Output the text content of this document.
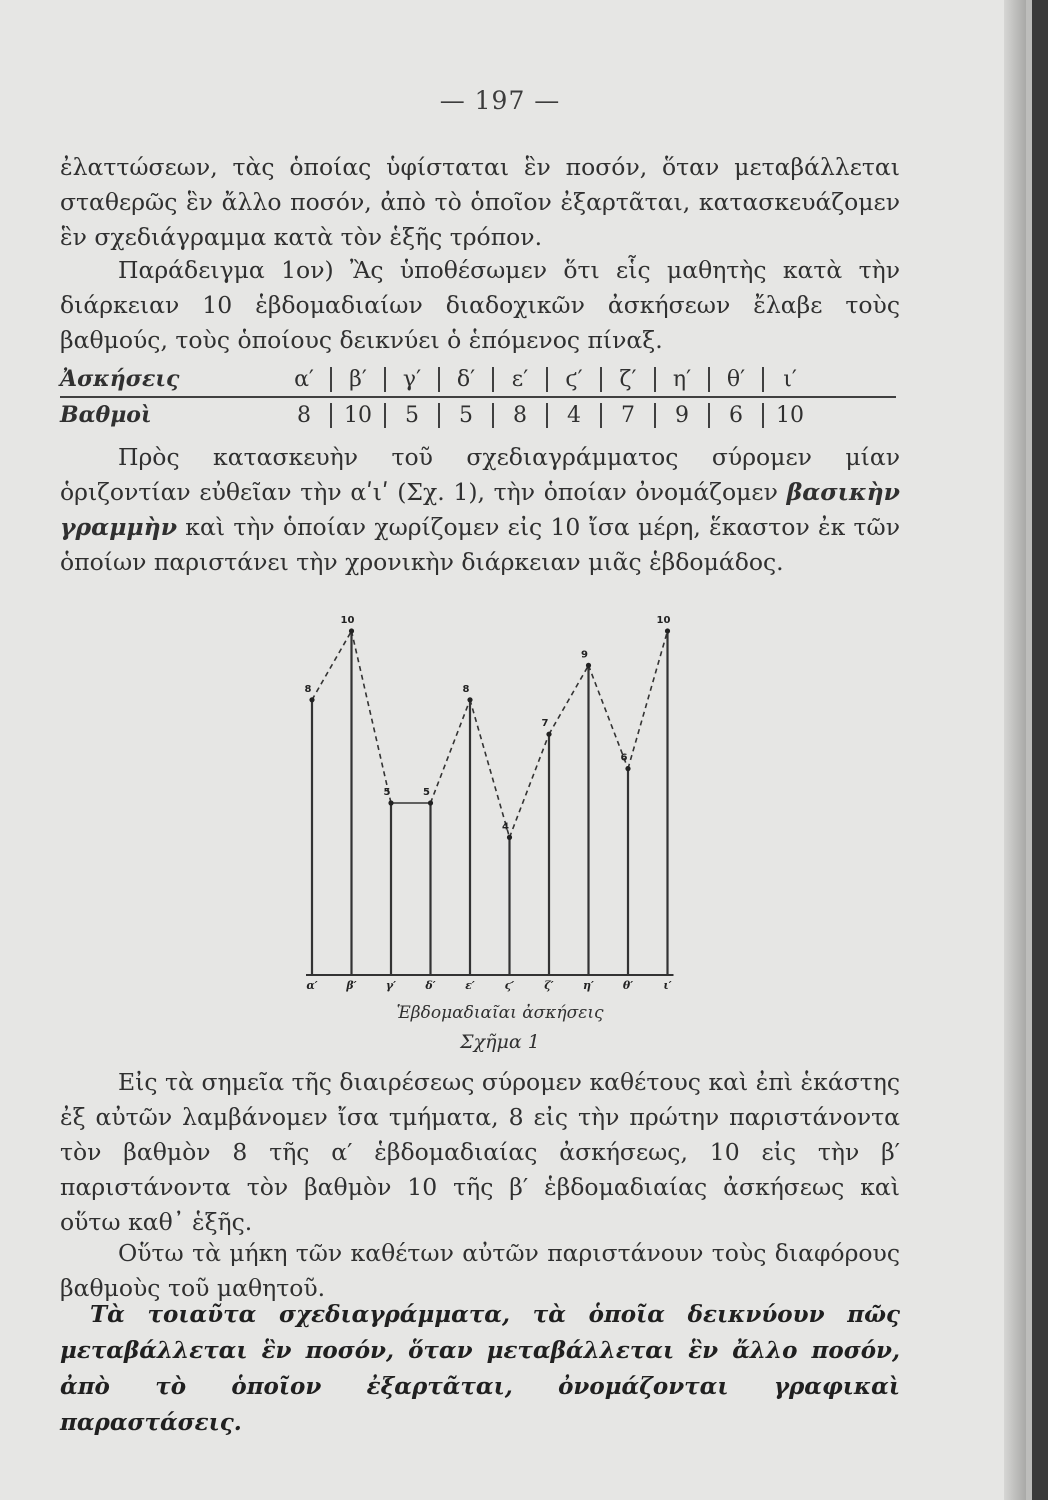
— 197 —

ἐλαττώσεων, τὰς ὁποίας ὑφίσταται ἓν ποσόν, ὅταν μεταβάλλεται σταθερῶς ἓν ἄλλο ποσόν, ἀπὸ τὸ ὁποῖον ἐξαρτᾶται, κατασκευάζομεν ἓν σχεδιάγραμμα κατὰ τὸν ἑξῆς τρόπον.

Παράδειγμα 1ον) Ἂς ὑποθέσωμεν ὅτι εἷς μαθητὴς κατὰ τὴν διάρκειαν 10 ἑβδομαδιαίων διαδοχικῶν ἀσκήσεων ἔλαβε τοὺς βαθμούς, τοὺς ὁποίους δεικνύει ὁ ἑπόμενος πίναξ.

Ἀσκήσεις	α′	β′	γ′	δ′	ε′	ϛ′	ζ′	η′	θ′	ι′
Βαθμοὶ	8	10	5	5	8	4	7	9	6	10

Πρὸς κατασκευὴν τοῦ σχεδιαγράμματος σύρομεν μίαν ὁριζοντίαν εὐθεῖαν τὴν αʹιʹ (Σχ. 1), τὴν ὁποίαν ὀνομάζομεν βασικὴν γραμμὴν καὶ τὴν ὁποίαν χωρίζομεν εἰς 10 ἴσα μέρη, ἕκαστον ἐκ τῶν ὁποίων παριστάνει τὴν χρονικὴν διάρκειαν μιᾶς ἑβδομάδος.

8
10
5	5
8
4
7
9
6
10
α′	β′	γ′	δ′	ε′	ϛ′	ζ′	η′	θ′	ι′
Ἑβδομαδιαῖαι ἀσκήσεις
Σχῆμα 1

Εἰς τὰ σημεῖα τῆς διαιρέσεως σύρομεν καθέτους καὶ ἐπὶ ἑκάστης ἐξ αὐτῶν λαμβάνομεν ἴσα τμήματα, 8 εἰς τὴν πρώτην παριστάνοντα τὸν βαθμὸν 8 τῆς α′ ἑβδομαδιαίας ἀσκήσεως, 10 εἰς τὴν β′ παριστάνοντα τὸν βαθμὸν 10 τῆς β′ ἑβδομαδιαίας ἀσκήσεως καὶ οὕτω καθ᾽ ἑξῆς.

Οὕτω τὰ μήκη τῶν καθέτων αὐτῶν παριστάνουν τοὺς διαφόρους βαθμοὺς τοῦ μαθητοῦ.

Τὰ τοιαῦτα σχεδιαγράμματα, τὰ ὁποῖα δεικνύουν πῶς μεταβάλλεται ἓν ποσόν, ὅταν μεταβάλλεται ἓν ἄλλο ποσόν, ἀπὸ τὸ ὁποῖον ἐξαρτᾶται, ὀνομάζονται γραφικαὶ παραστάσεις.
